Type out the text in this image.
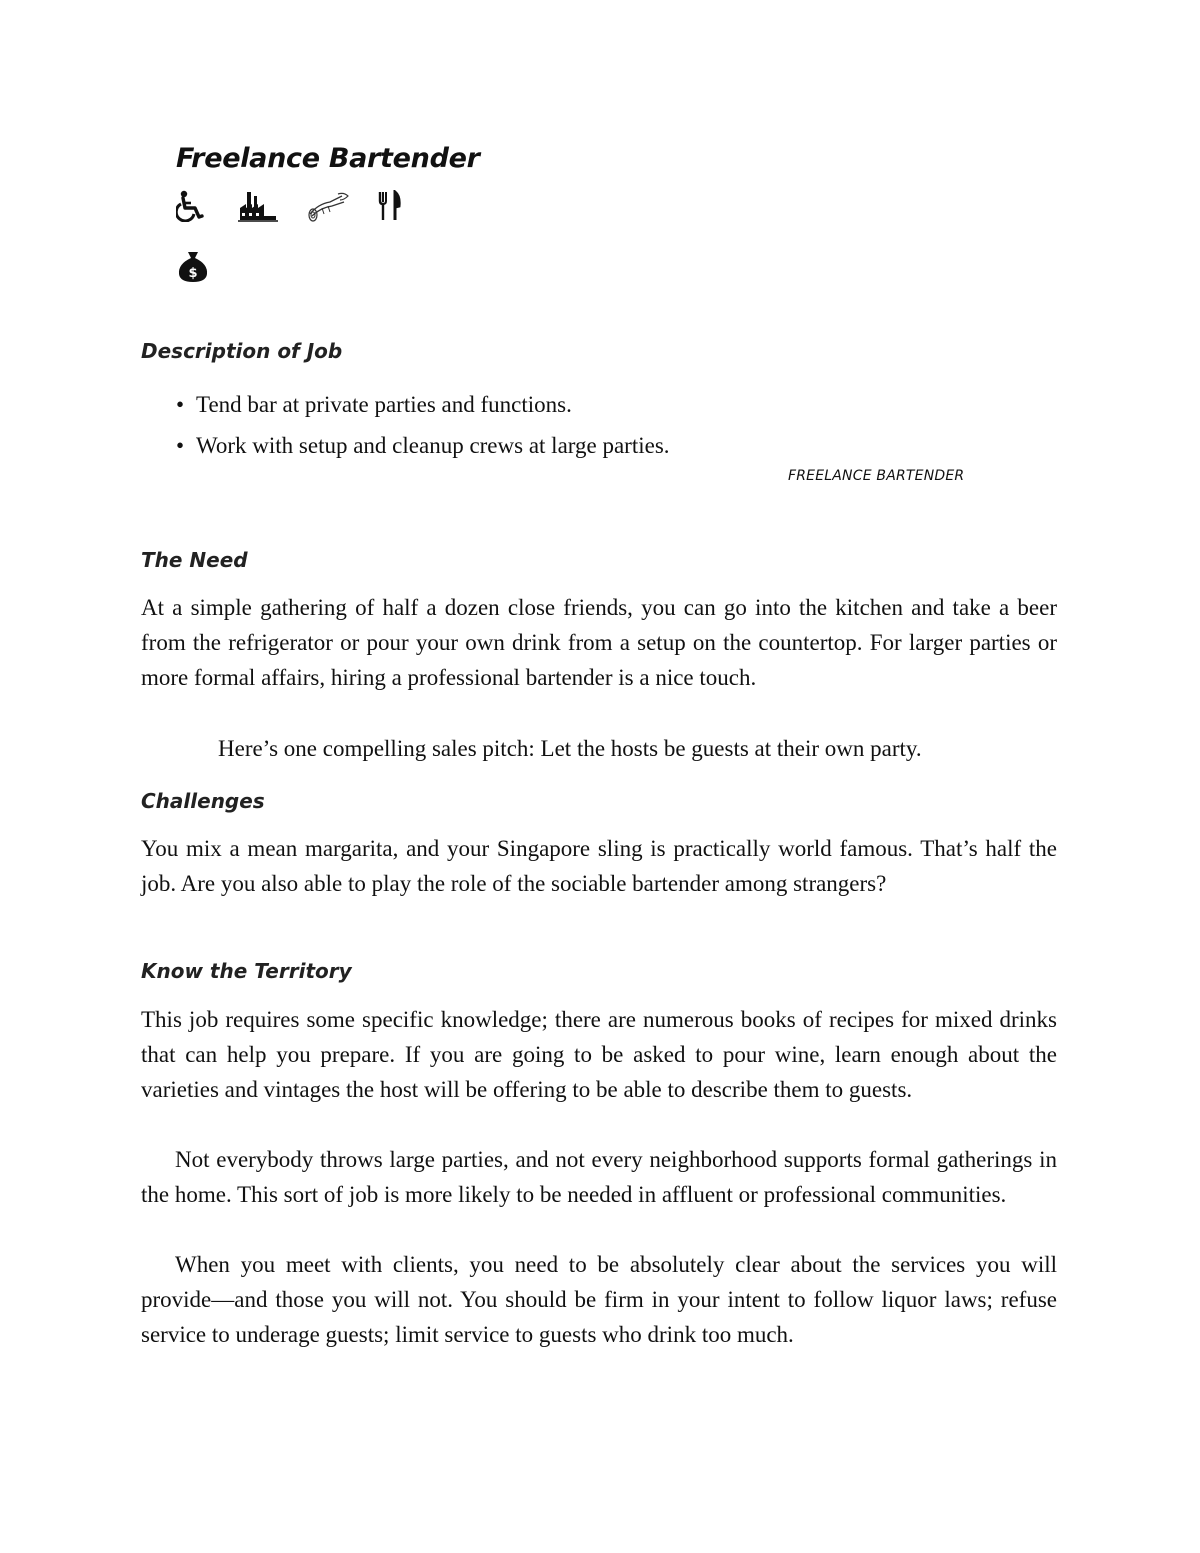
Freelance Bartender
$
Description of Job
• Tend bar at private parties and functions.
• Work with setup and cleanup crews at large parties.

FREELANCE BARTENDER

The Need

At a simple gathering of half a dozen close friends, you can go into the kitchen and take a beer from the refrigerator or pour your own drink from a setup on the countertop. For larger parties or more formal affairs, hiring a professional bartender is a nice touch.

Here’s one compelling sales pitch: Let the hosts be guests at their own party.

Challenges

You mix a mean margarita, and your Singapore sling is practically world famous. That’s half the job. Are you also able to play the role of the sociable bartender among strangers?

Know the Territory

This job requires some specific knowledge; there are numerous books of recipes for mixed drinks that can help you prepare. If you are going to be asked to pour wine, learn enough about the varieties and vintages the host will be offering to be able to describe them to guests.

Not everybody throws large parties, and not every neighborhood supports formal gatherings in the home. This sort of job is more likely to be needed in affluent or professional communities.

When you meet with clients, you need to be absolutely clear about the services you will provide—and those you will not. You should be firm in your intent to follow liquor laws; refuse service to underage guests; limit service to guests who drink too much.
